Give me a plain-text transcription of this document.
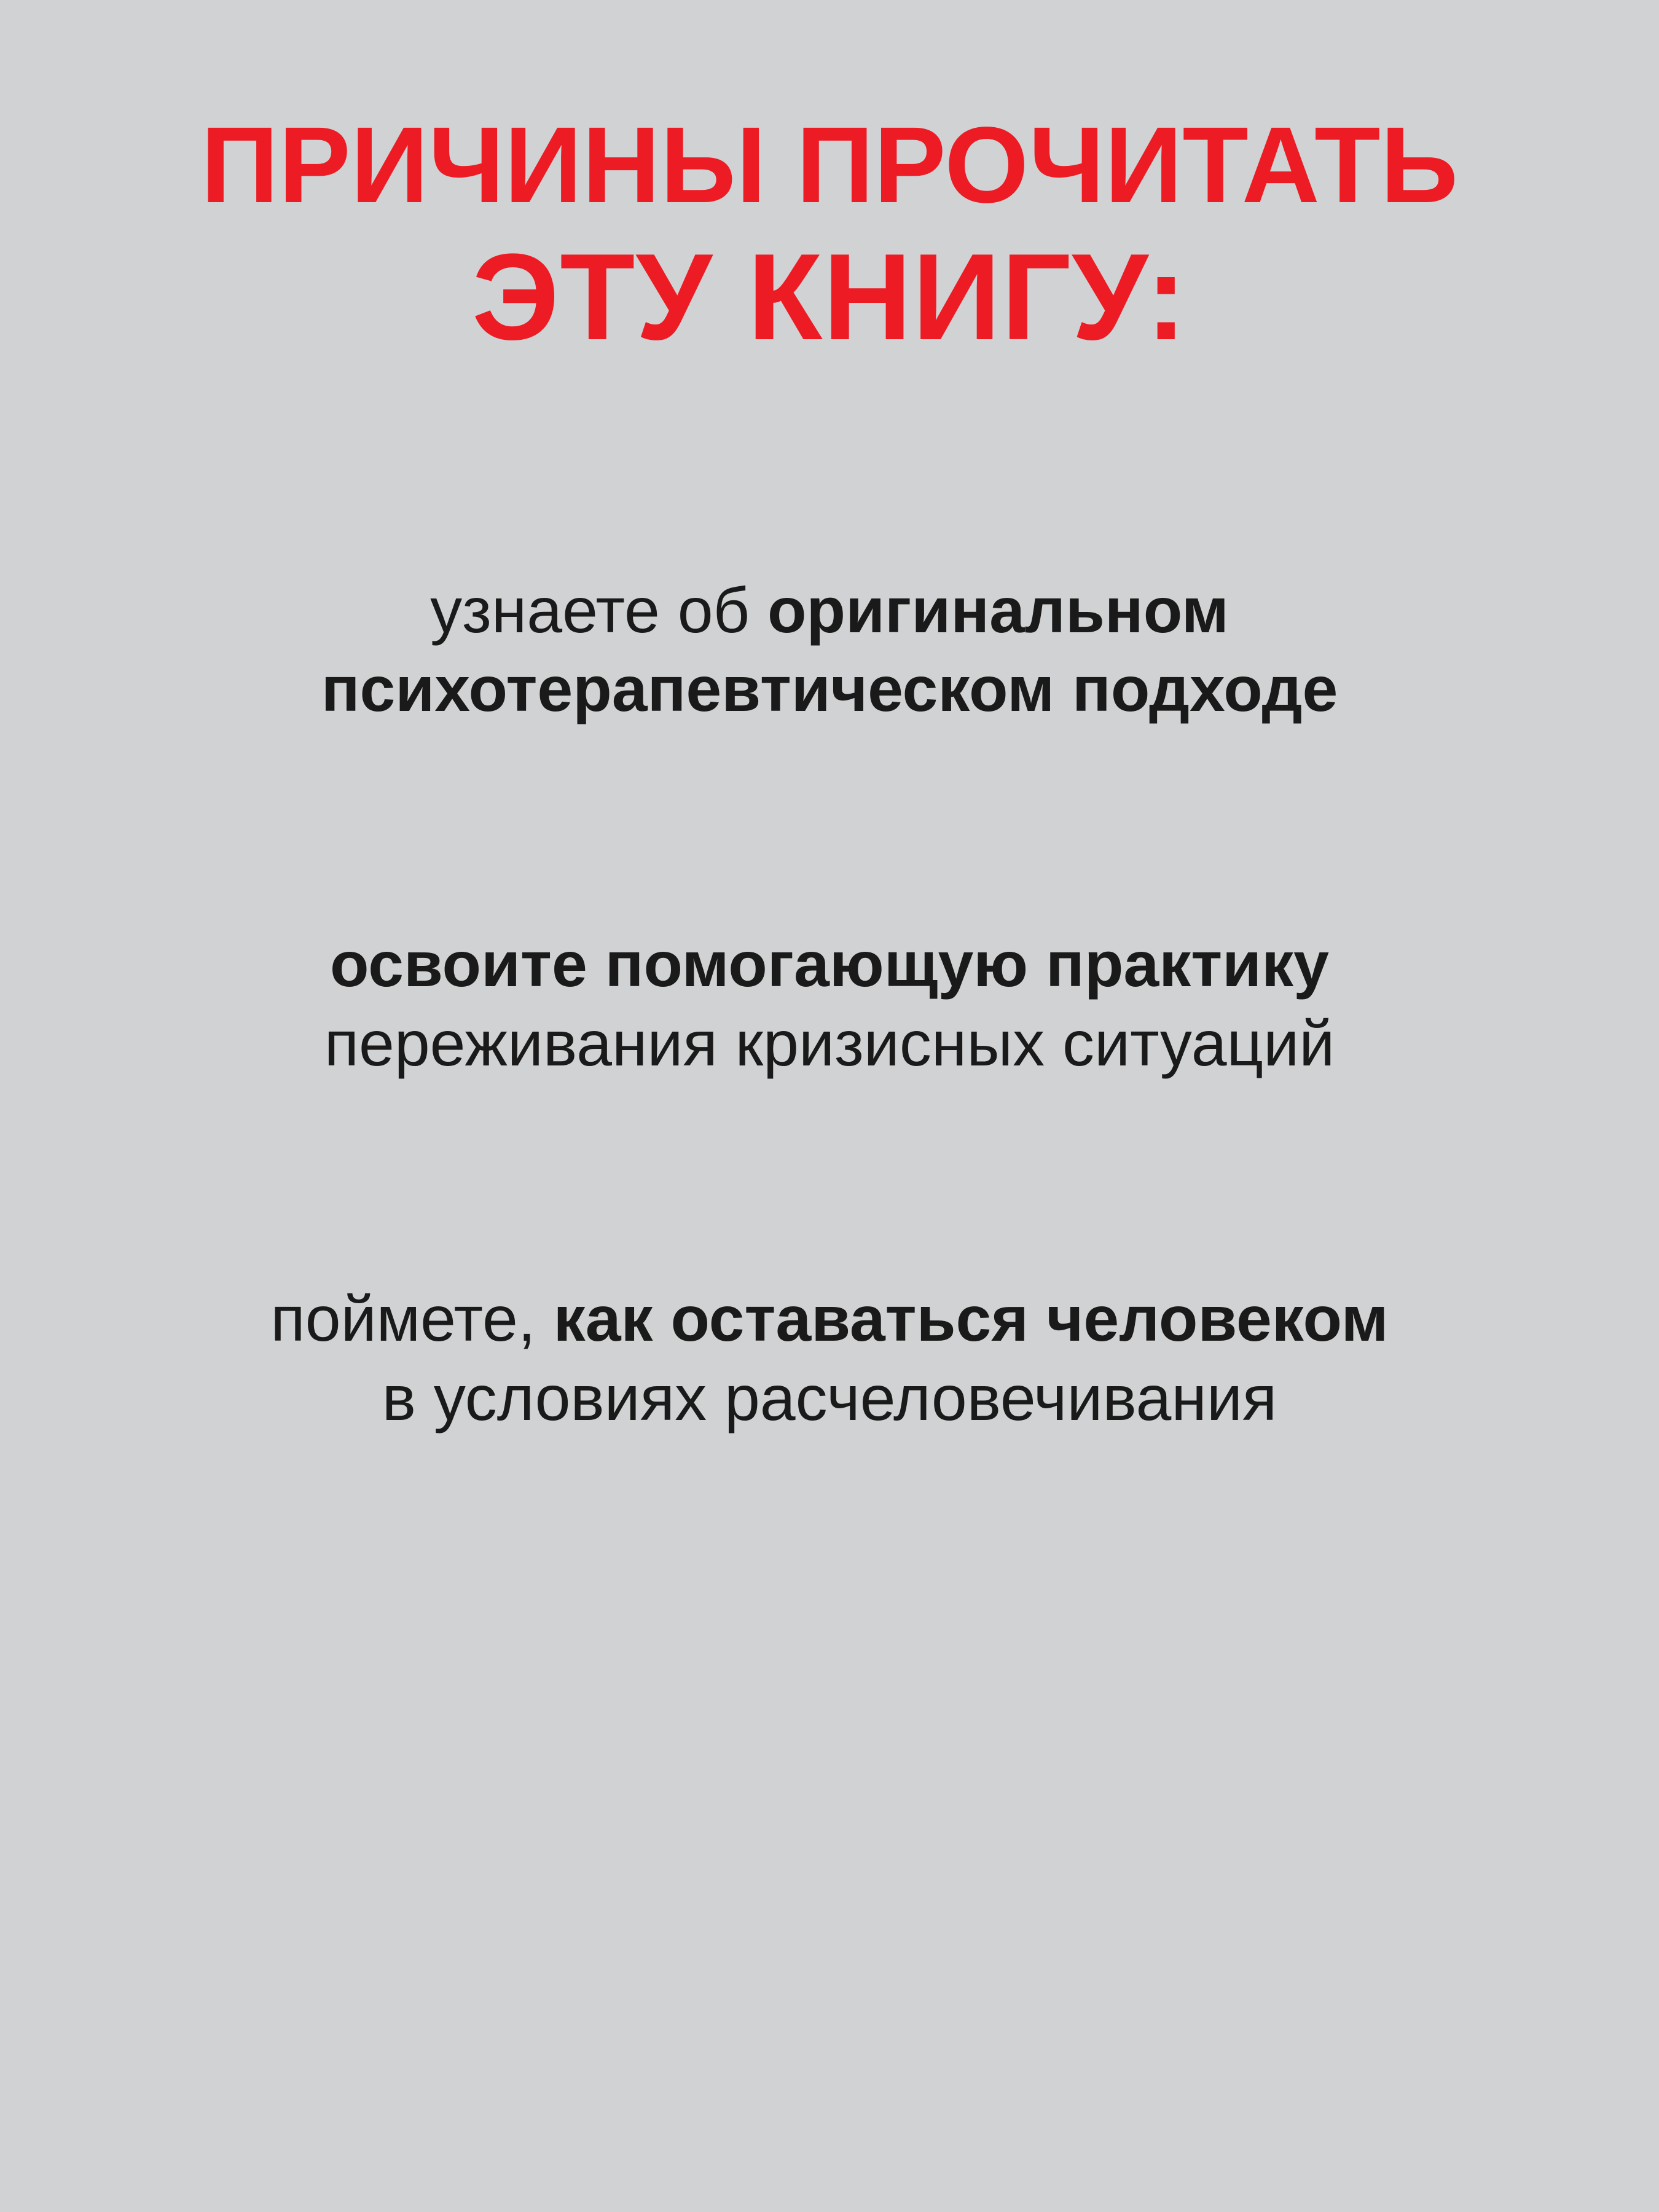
ПРИЧИНЫ ПРОЧИТАТЬ
ЭТУ КНИГУ:

узнаете об оригинальном психотерапевтическом подходе

освоите помогающую практику переживания кризисных ситуаций

поймете, как оставаться человеком в условиях расчеловечивания
